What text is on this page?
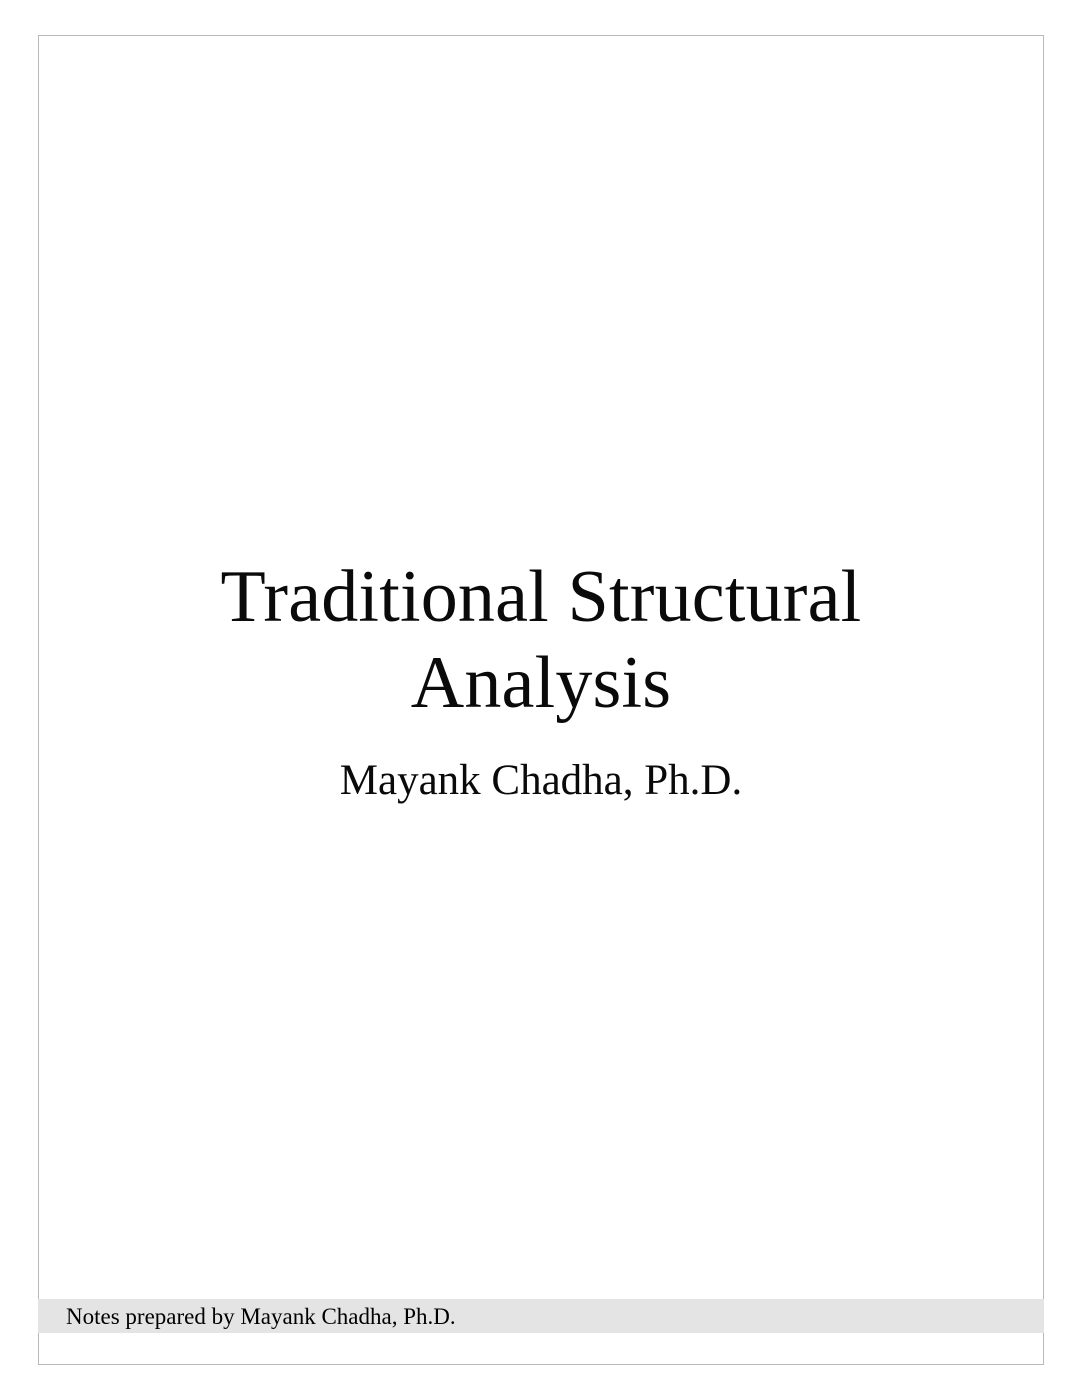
Traditional Structural Analysis

Mayank Chadha, Ph.D.

Notes prepared by Mayank Chadha, Ph.D.
